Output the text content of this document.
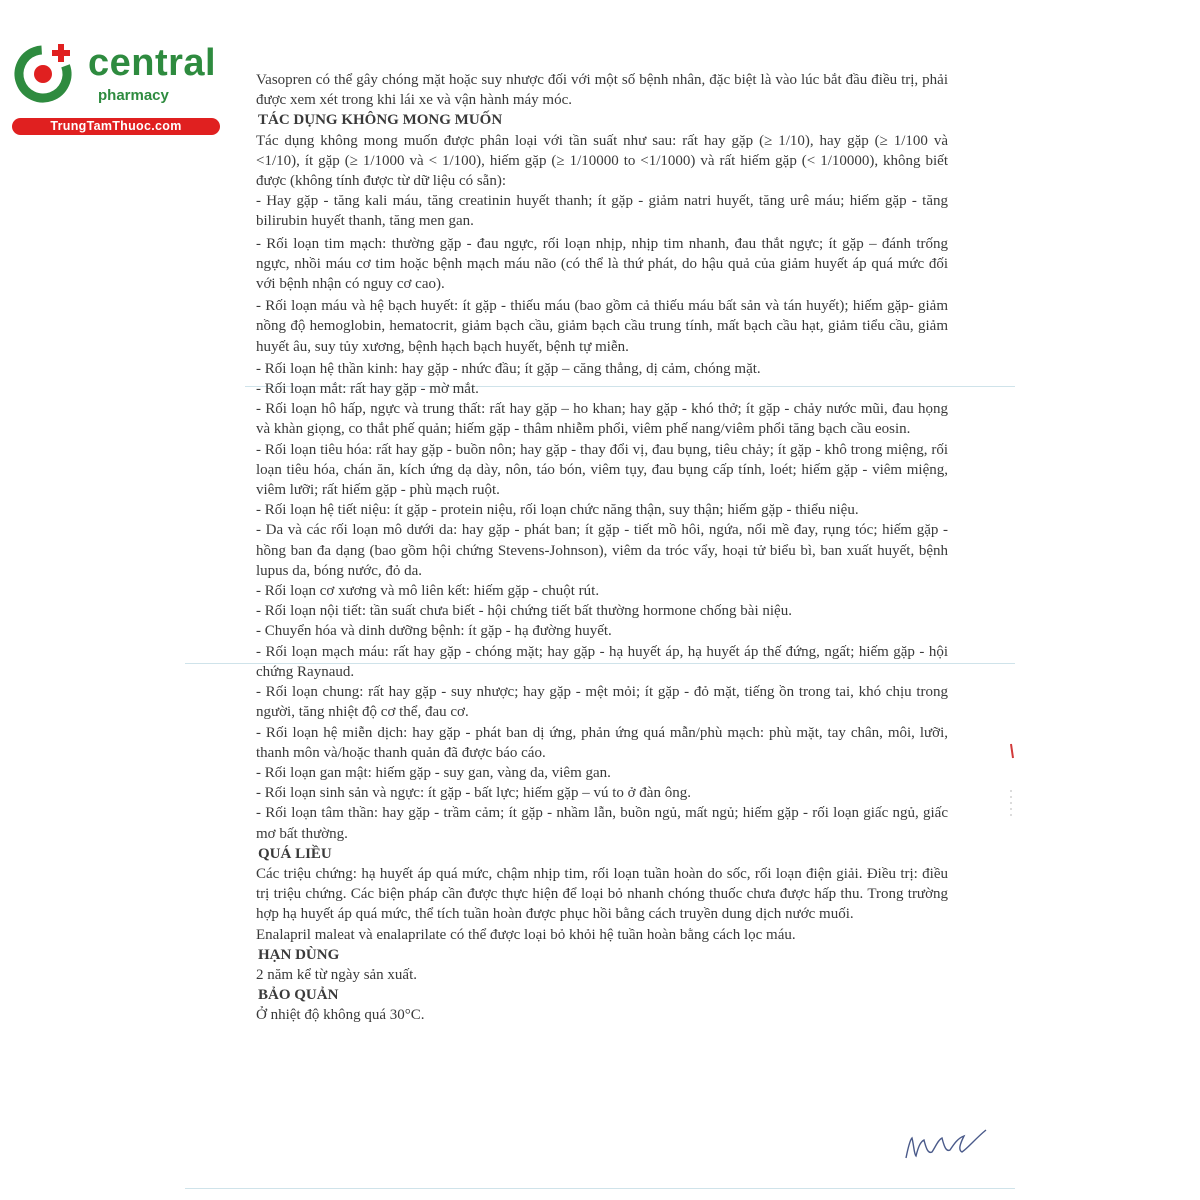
central
pharmacy
TrungTamThuoc.com

Vasopren có thể gây chóng mặt hoặc suy nhược đối với một số bệnh nhân, đặc biệt là vào lúc bắt đầu điều trị, phải được xem xét trong khi lái xe và vận hành máy móc.

TÁC DỤNG KHÔNG MONG MUỐN

Tác dụng không mong muốn được phân loại với tần suất như sau: rất hay gặp (≥ 1/10), hay gặp (≥ 1/100 và <1/10), ít gặp (≥ 1/1000 và < 1/100), hiếm gặp (≥ 1/10000 to <1/1000) và rất hiếm gặp (< 1/10000), không biết được (không tính được từ dữ liệu có sẵn):

- Hay gặp - tăng kali máu, tăng creatinin huyết thanh; ít gặp - giảm natri huyết, tăng urê máu; hiếm gặp - tăng bilirubin huyết thanh, tăng men gan.

- Rối loạn tim mạch: thường gặp - đau ngực, rối loạn nhịp, nhịp tim nhanh, đau thắt ngực; ít gặp – đánh trống ngực, nhồi máu cơ tim hoặc bệnh mạch máu não (có thể là thứ phát, do hậu quả của giảm huyết áp quá mức đối với bệnh nhận có nguy cơ cao).

- Rối loạn máu và hệ bạch huyết: ít gặp - thiếu máu (bao gồm cả thiếu máu bất sản và tán huyết); hiếm gặp- giảm nồng độ hemoglobin, hematocrit, giảm bạch cầu, giảm bạch cầu trung tính, mất bạch cầu hạt, giảm tiểu cầu, giảm huyết âu, suy tủy xương, bệnh hạch bạch huyết, bệnh tự miễn.

- Rối loạn hệ thần kinh: hay gặp - nhức đầu; ít gặp – căng thẳng, dị cảm, chóng mặt.

- Rối loạn mắt: rất hay gặp - mờ mắt.

- Rối loạn hô hấp, ngực và trung thất: rất hay gặp – ho khan; hay gặp - khó thở; ít gặp - chảy nước mũi, đau họng và khàn giọng, co thắt phế quản; hiếm gặp - thâm nhiễm phổi, viêm phế nang/viêm phổi tăng bạch cầu eosin.

- Rối loạn tiêu hóa: rất hay gặp - buồn nôn; hay gặp - thay đổi vị, đau bụng, tiêu chảy; ít gặp - khô trong miệng, rối loạn tiêu hóa, chán ăn, kích ứng dạ dày, nôn, táo bón, viêm tụy, đau bụng cấp tính, loét; hiếm gặp - viêm miệng, viêm lưỡi; rất hiếm gặp - phù mạch ruột.

- Rối loạn hệ tiết niệu: ít gặp - protein niệu, rối loạn chức năng thận, suy thận; hiếm gặp - thiểu niệu.

- Da và các rối loạn mô dưới da: hay gặp - phát ban; ít gặp - tiết mồ hôi, ngứa, nổi mề đay, rụng tóc; hiếm gặp - hồng ban đa dạng (bao gồm hội chứng Stevens-Johnson), viêm da tróc vẩy, hoại tử biểu bì, ban xuất huyết, bệnh lupus da, bóng nước, đỏ da.

- Rối loạn cơ xương và mô liên kết: hiếm gặp - chuột rút.

- Rối loạn nội tiết: tần suất chưa biết - hội chứng tiết bất thường hormone chống bài niệu.

- Chuyển hóa và dinh dưỡng bệnh: ít gặp - hạ đường huyết.

- Rối loạn mạch máu: rất hay gặp - chóng mặt; hay gặp - hạ huyết áp, hạ huyết áp thế đứng, ngất; hiếm gặp - hội chứng Raynaud.

- Rối loạn chung: rất hay gặp - suy nhược; hay gặp - mệt mỏi; ít gặp - đỏ mặt, tiếng ồn trong tai, khó chịu trong người, tăng nhiệt độ cơ thể, đau cơ.

- Rối loạn hệ miễn dịch: hay gặp - phát ban dị ứng, phản ứng quá mẫn/phù mạch: phù mặt, tay chân, môi, lưỡi, thanh môn và/hoặc thanh quản đã được báo cáo.

- Rối loạn gan mật: hiếm gặp - suy gan, vàng da, viêm gan.

- Rối loạn sinh sản và ngực: ít gặp - bất lực; hiếm gặp – vú to ở đàn ông.

- Rối loạn tâm thần: hay gặp - trầm cảm; ít gặp - nhầm lẫn, buồn ngủ, mất ngủ; hiếm gặp - rối loạn giấc ngủ, giấc mơ bất thường.

QUÁ LIỀU

Các triệu chứng: hạ huyết áp quá mức, chậm nhịp tim, rối loạn tuần hoàn do sốc, rối loạn điện giải. Điều trị: điều trị triệu chứng. Các biện pháp cần được thực hiện để loại bỏ nhanh chóng thuốc chưa được hấp thu. Trong trường hợp hạ huyết áp quá mức, thể tích tuần hoàn được phục hồi bằng cách truyền dung dịch nước muối.

Enalapril maleat và enalaprilate có thể được loại bỏ khỏi hệ tuần hoàn bằng cách lọc máu.

HẠN DÙNG

2 năm kể từ ngày sản xuất.

BẢO QUẢN

Ở nhiệt độ không quá 30°C.
